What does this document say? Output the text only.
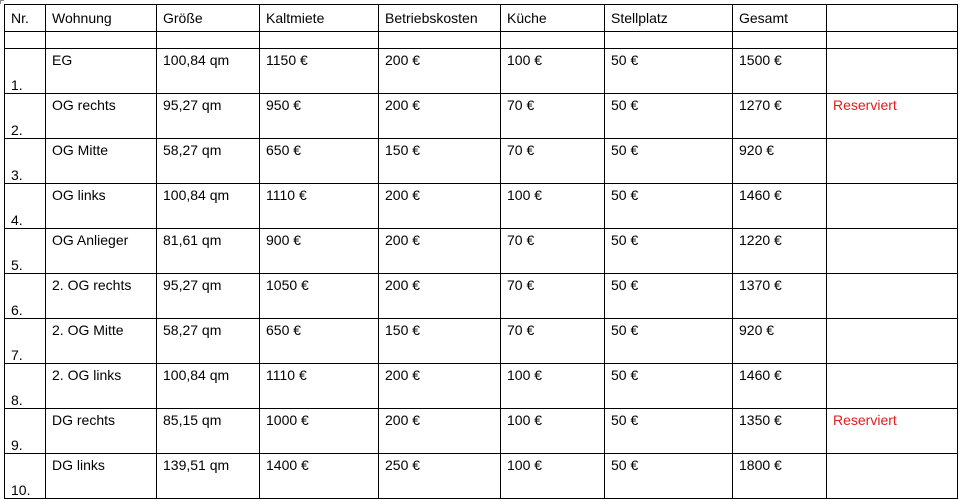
Nr.	Wohnung	Größe	Kaltmiete	Betriebskosten	Küche	Stellplatz	Gesamt	

1.	EG	100,84 qm	1150 €	200 €	100 €	50 €	1500 €	
2.	OG rechts	95,27 qm	950 €	200 €	70 €	50 €	1270 €	Reserviert
3.	OG Mitte	58,27 qm	650 €	150 €	70 €	50 €	920 €	
4.	OG links	100,84 qm	1110 €	200 €	100 €	50 €	1460 €	
5.	OG Anlieger	81,61 qm	900 €	200 €	70 €	50 €	1220 €	
6.	2. OG rechts	95,27 qm	1050 €	200 €	70 €	50 €	1370 €	
7.	2. OG Mitte	58,27 qm	650 €	150 €	70 €	50 €	920 €	
8.	2. OG links	100,84 qm	1110 €	200 €	100 €	50 €	1460 €	
9.	DG rechts	85,15 qm	1000 €	200 €	100 €	50 €	1350 €	Reserviert
10.	DG links	139,51 qm	1400 €	250 €	100 €	50 €	1800 €	
